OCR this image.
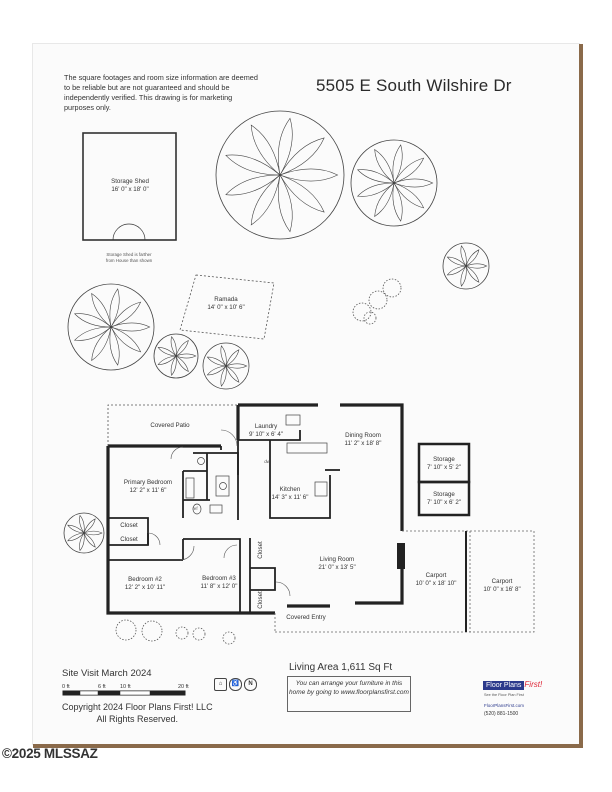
The square footages and room size information are deemed to be reliable but are not guaranteed and should be independently verified. This drawing is for marketing purposes only.
5505 E South Wilshire Dr
Storage Shed
16' 0" x 18' 0"
Storage Shed is farther
from House than shown
Ramada
14' 0" x 10' 6"
Covered Patio	Laundry
9' 10" x 6' 4"	Dining Room
11' 2" x 18' 8"
Primary Bedroom
12' 2" x 11' 6"	Kitchen
14' 3" x 11' 6"
dw
ref
Storage
7' 10" x 5' 2"
Storage
7' 10" x 6' 2"
Closet
Closet
Closet
Closet
Bedroom #2
12' 2" x 10' 11"
Bedroom #3
11' 8" x 12' 0"
Living Room
21' 0" x 13' 5"
Carport
10' 0" x 18' 10"	Carport
10' 0" x 16' 8"
Covered Entry
Site Visit March 2024
0 ft	6 ft	10 ft	20 ft	⌂	♿	N
Copyright 2024 Floor Plans First! LLC
All Rights Reserved.
Living Area 1,611 Sq Ft
You can arrange your furniture in this home by going to www.floorplansfirst.com
Floor Plans First!
See the Floor Plan First
FloorPlansFirst.com
(520) 881-1500
©2025 MLSSAZ
